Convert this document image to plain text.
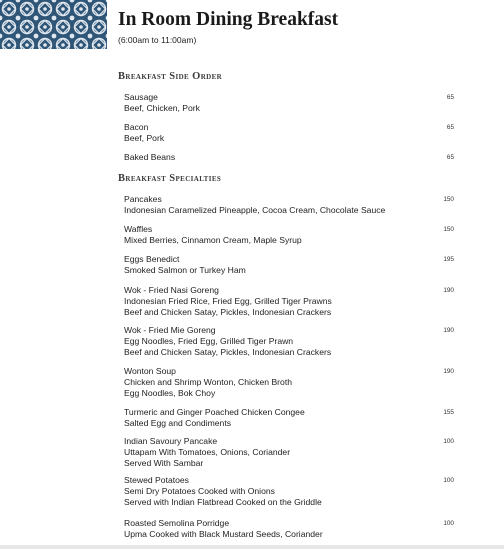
In Room Dining Breakfast
(6:00am to 11:00am)
Breakfast Side Order
Sausage
Beef, Chicken, Pork
65
Bacon
Beef, Pork
65
Baked Beans	65
Breakfast Specialties
Pancakes
Indonesian Caramelized Pineapple, Cocoa Cream, Chocolate Sauce
150
Waffles
Mixed Berries, Cinnamon Cream, Maple Syrup
150
Eggs Benedict
Smoked Salmon or Turkey Ham
195
Wok - Fried Nasi Goreng
Indonesian Fried Rice, Fried Egg, Grilled Tiger Prawns
Beef and Chicken Satay, Pickles, Indonesian Crackers
190
Wok - Fried Mie Goreng
Egg Noodles, Fried Egg, Grilled Tiger Prawn
Beef and Chicken Satay, Pickles, Indonesian Crackers
190
Wonton Soup
Chicken and Shrimp Wonton, Chicken Broth
Egg Noodles, Bok Choy
190
Turmeric and Ginger Poached Chicken Congee
Salted Egg and Condiments
155
Indian Savoury Pancake
Uttapam With Tomatoes, Onions, Coriander
Served With Sambar
100
Stewed Potatoes
Semi Dry Potatoes Cooked with Onions
Served with Indian Flatbread Cooked on the Griddle
100
Roasted Semolina Porridge
Upma Cooked with Black Mustard Seeds, Coriander
100
